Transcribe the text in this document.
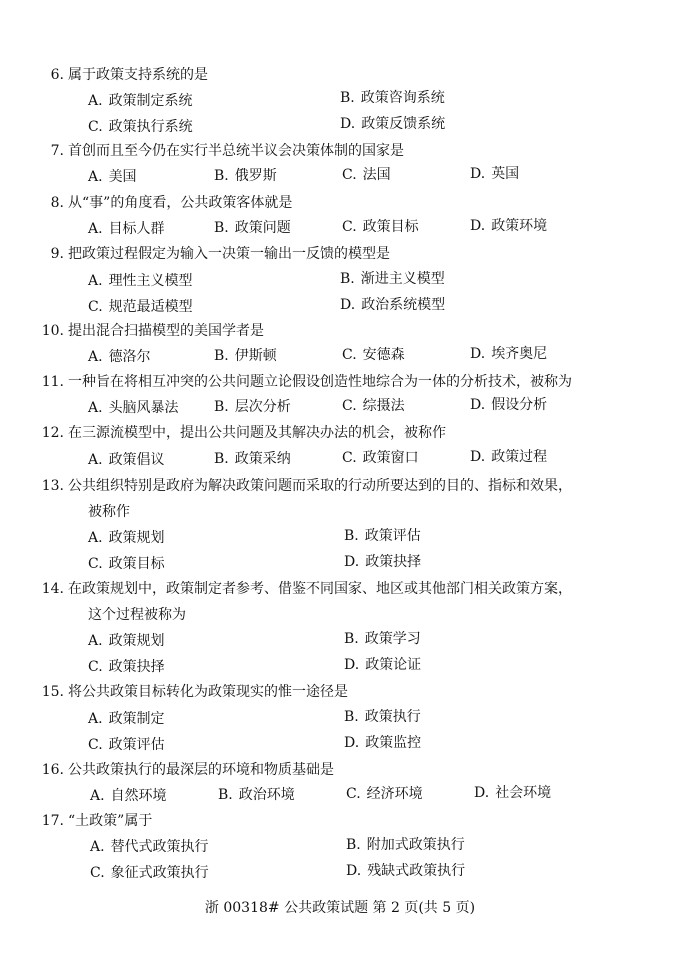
6. 属于政策支持系统的是
A. 政策制定系统	B. 政策咨询系统
C. 政策执行系统	D. 政策反馈系统
7. 首创而且至今仍在实行半总统半议会决策体制的国家是
A. 美国	B. 俄罗斯	C. 法国	D. 英国
8. 从“事”的角度看，公共政策客体就是
A. 目标人群	B. 政策问题	C. 政策目标	D. 政策环境
9. 把政策过程假定为输入一决策一输出一反馈的模型是
A. 理性主义模型	B. 渐进主义模型
C. 规范最适模型	D. 政治系统模型
10. 提出混合扫描模型的美国学者是
A. 德洛尔	B. 伊斯顿	C. 安德森	D. 埃齐奥尼
11. 一种旨在将相互冲突的公共问题立论假设创造性地综合为一体的分析技术，被称为
A. 头脑风暴法	B. 层次分析	C. 综摄法	D. 假设分析
12. 在三源流模型中，提出公共问题及其解决办法的机会，被称作
A. 政策倡议	B. 政策采纳	C. 政策窗口	D. 政策过程
13. 公共组织特别是政府为解决政策问题而采取的行动所要达到的目的、指标和效果，
被称作
A. 政策规划	B. 政策评估
C. 政策目标	D. 政策抉择
14. 在政策规划中，政策制定者参考、借鉴不同国家、地区或其他部门相关政策方案，
这个过程被称为
A. 政策规划	B. 政策学习
C. 政策抉择	D. 政策论证
15. 将公共政策目标转化为政策现实的惟一途径是
A. 政策制定	B. 政策执行
C. 政策评估	D. 政策监控
16. 公共政策执行的最深层的环境和物质基础是
A. 自然环境	B. 政治环境	C. 经济环境	D. 社会环境
17. “土政策”属于
A. 替代式政策执行	B. 附加式政策执行
C. 象征式政策执行	D. 残缺式政策执行
浙 00318# 公共政策试题 第 2 页(共 5 页)
